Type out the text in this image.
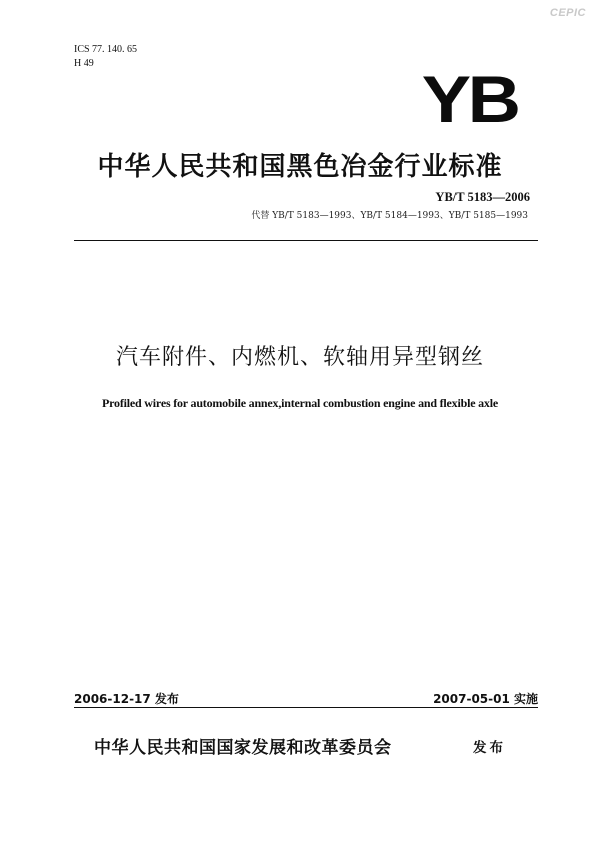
CEPIC
ICS 77. 140. 65
H 49	YB
中华人民共和国黑色冶金行业标准
YB/T 5183—2006
代替 YB/T 5183—1993、YB/T 5184—1993、YB/T 5185—1993
汽车附件、内燃机、软轴用异型钢丝
Profiled wires for automobile annex,internal combustion engine and flexible axle
2006-12-17 发布	2007-05-01 实施
中华人民共和国国家发展和改革委员会	发布
